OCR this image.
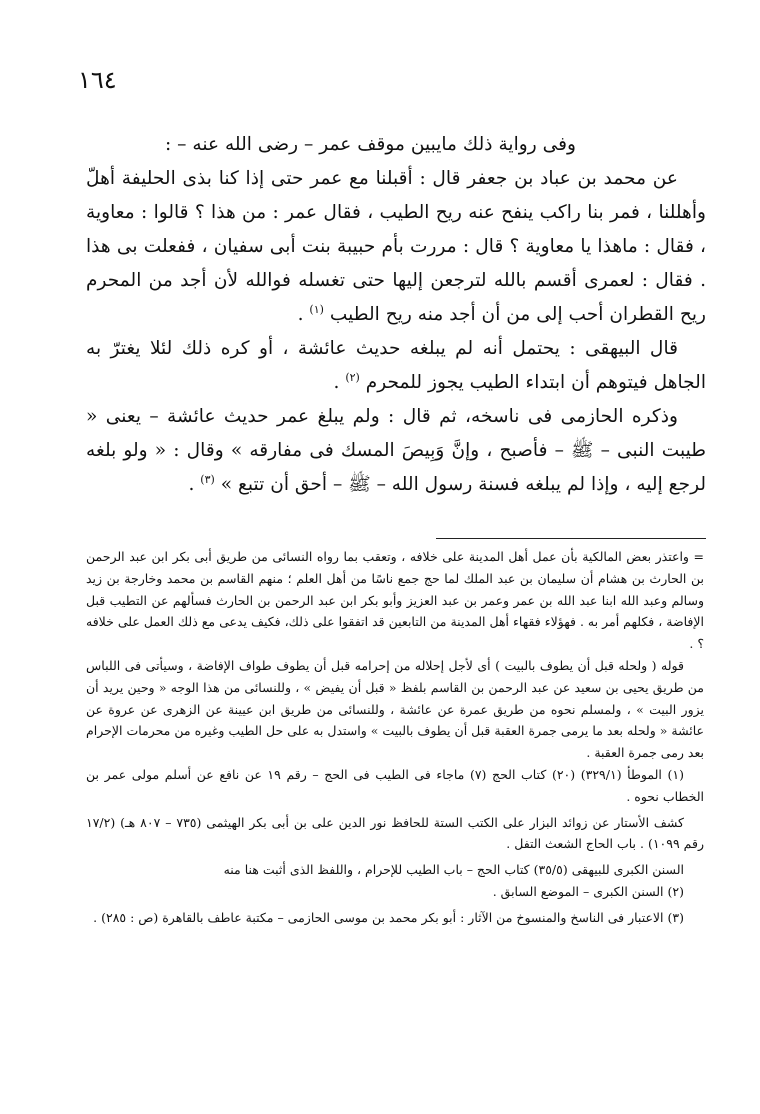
١٦٤

وفى رواية ذلك مايبين موقف عمر – رضى الله عنه – :

عن محمد بن عباد بن جعفر قال : أقبلنا مع عمر حتى إذا كنا بذى الحليفة أهلّ وأهللنا ، فمر بنا راكب ينفح عنه ريح الطيب ، فقال عمر : من هذا ؟ قالوا : معاوية ، فقال : ماهذا يا معاوية ؟ قال : مررت بأم حبيبة بنت أبى سفيان ، ففعلت بى هذا . فقال : لعمرى أقسم بالله لترجعن إليها حتى تغسله فوالله لأن أجد من المحرم ريح القطران أحب إلى من أن أجد منه ريح الطيب $^{(١)}$ .

قال البيهقى : يحتمل أنه لم يبلغه حديث عائشة ، أو كره ذلك لئلا يغترّ به الجاهل فيتوهم أن ابتداء الطيب يجوز للمحرم $^{(٢)}$ .

وذكره الحازمى فى ناسخه، ثم قال : ولم يبلغ عمر حديث عائشة – يعنى « طيبت النبى – ﷺ – فأصبح ، وإنَّ وَبِيصَ المسك فى مفارقه » وقال : « ولو بلغه لرجع إليه ، وإذا لم يبلغه فسنة رسول الله – ﷺ – أحق أن تتبع » $^{(٣)}$ .

= واعتذر بعض المالكية بأن عمل أهل المدينة على خلافه ، وتعقب بما رواه النسائى من طريق أبى بكر ابن عبد الرحمن بن الحارث بن هشام أن سليمان بن عبد الملك لما حج جمع ناسًا من أهل العلم ؛ منهم القاسم بن محمد وخارجة بن زيد وسالم وعبد الله ابنا عبد الله بن عمر وعمر بن عبد العزيز وأبو بكر ابن عبد الرحمن بن الحارث فسألهم عن التطيب قبل الإفاضة ، فكلهم أمر به . فهؤلاء فقهاء أهل المدينة من التابعين قد اتفقوا على ذلك، فكيف يدعى مع ذلك العمل على خلافه ؟ .

قوله ( ولحله قبل أن يطوف بالبيت ) أى لأجل إحلاله من إحرامه قبل أن يطوف طواف الإفاضة ، وسيأتى فى اللباس من طريق يحيى بن سعيد عن عبد الرحمن بن القاسم بلفظ « قبل أن يفيض » ، وللنسائى من هذا الوجه « وحين يريد أن يزور البيت » ، ولمسلم نحوه من طريق عمرة عن عائشة ، وللنسائى من طريق ابن عيينة عن الزهرى عن عروة عن عائشة « ولحله بعد ما يرمى جمرة العقبة قبل أن يطوف بالبيت » واستدل به على حل الطيب وغيره من محرمات الإحرام بعد رمى جمرة العقبة .

(١) الموطأ (٣٢٩/١) (٢٠) كتاب الحج (٧) ماجاء فى الطيب فى الحج – رقم ١٩ عن نافع عن أسلم مولى عمر بن الخطاب نحوه .

كشف الأستار عن زوائد البزار على الكتب الستة للحافظ نور الدين على بن أبى بكر الهيثمى (٧٣٥ – ٨٠٧ هـ) (١٧/٢ رقم ١٠٩٩) . باب الحاج الشعث التفل .

السنن الكبرى للبيهقى (٣٥/٥) كتاب الحج – باب الطيب للإحرام ، واللفظ الذى أثبت هنا منه

(٢) السنن الكبرى – الموضع السابق .

(٣) الاعتبار فى الناسخ والمنسوخ من الآثار : أبو بكر محمد بن موسى الحازمى – مكتبة عاطف بالقاهرة (ص : ٢٨٥) .
